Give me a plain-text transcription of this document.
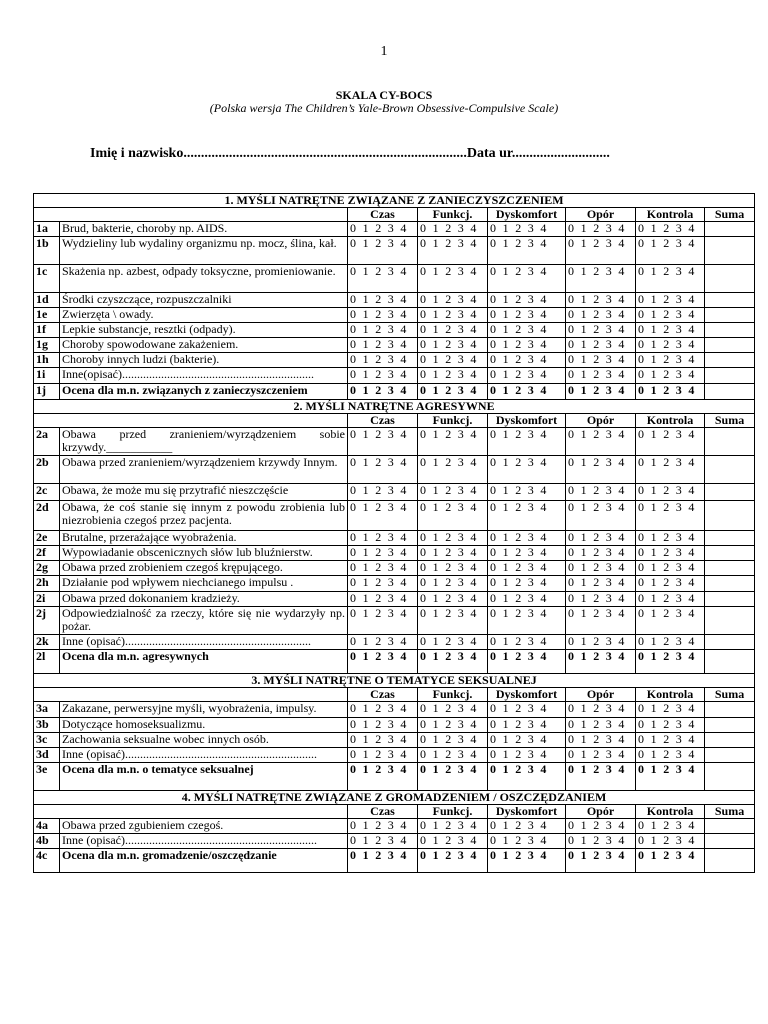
1
SKALA CY-BOCS
(Polska wersja The Children’s Yale-Brown Obsessive-Compulsive Scale)
Imię i nazwisko.................................................................................Data ur............................
1. MYŚLI NATRĘTNE ZWIĄZANE Z ZANIECZYSZCZENIEM							
		Czas	Funkcj.	Dyskomfort	Opór	Kontrola	Suma
1a	Brud, bakterie, choroby np. AIDS.	0 1 2 3 4	0 1 2 3 4	0 1 2 3 4	0 1 2 3 4	0 1 2 3 4	
1b	Wydzieliny lub wydaliny organizmu np. mocz, ślina, kał.	0 1 2 3 4	0 1 2 3 4	0 1 2 3 4	0 1 2 3 4	0 1 2 3 4	
1c	Skażenia np. azbest, odpady toksyczne, promieniowanie.	0 1 2 3 4	0 1 2 3 4	0 1 2 3 4	0 1 2 3 4	0 1 2 3 4	
1d	Środki czyszczące, rozpuszczalniki	0 1 2 3 4	0 1 2 3 4	0 1 2 3 4	0 1 2 3 4	0 1 2 3 4	
1e	Zwierzęta \ owady.	0 1 2 3 4	0 1 2 3 4	0 1 2 3 4	0 1 2 3 4	0 1 2 3 4	
1f	Lepkie substancje, resztki (odpady).	0 1 2 3 4	0 1 2 3 4	0 1 2 3 4	0 1 2 3 4	0 1 2 3 4	
1g	Choroby spowodowane zakażeniem.	0 1 2 3 4	0 1 2 3 4	0 1 2 3 4	0 1 2 3 4	0 1 2 3 4	
1h	Choroby innych ludzi (bakterie).	0 1 2 3 4	0 1 2 3 4	0 1 2 3 4	0 1 2 3 4	0 1 2 3 4	
1i	Inne(opisać)................................................................	0 1 2 3 4	0 1 2 3 4	0 1 2 3 4	0 1 2 3 4	0 1 2 3 4	
1j	Ocena dla m.n. związanych z zanieczyszczeniem	0 1 2 3 4	0 1 2 3 4	0 1 2 3 4	0 1 2 3 4	0 1 2 3 4	
2. MYŚLI NATRĘTNE AGRESYWNE							
		Czas	Funkcj.	Dyskomfort	Opór	Kontrola	Suma
2a	Obawa przed zranieniem/wyrządzeniem sobie krzywdy.___________	0 1 2 3 4	0 1 2 3 4	0 1 2 3 4	0 1 2 3 4	0 1 2 3 4	
2b	Obawa przed zranieniem/wyrządzeniem krzywdy Innym.	0 1 2 3 4	0 1 2 3 4	0 1 2 3 4	0 1 2 3 4	0 1 2 3 4	
2c	Obawa, że może mu się przytrafić nieszczęście	0 1 2 3 4	0 1 2 3 4	0 1 2 3 4	0 1 2 3 4	0 1 2 3 4	
2d	Obawa, że coś stanie się innym z powodu zrobienia lub niezrobienia czegoś przez pacjenta.	0 1 2 3 4	0 1 2 3 4	0 1 2 3 4	0 1 2 3 4	0 1 2 3 4	
2e	Brutalne, przerażające wyobrażenia.	0 1 2 3 4	0 1 2 3 4	0 1 2 3 4	0 1 2 3 4	0 1 2 3 4	
2f	Wypowiadanie obscenicznych słów lub bluźnierstw.	0 1 2 3 4	0 1 2 3 4	0 1 2 3 4	0 1 2 3 4	0 1 2 3 4	
2g	Obawa przed zrobieniem czegoś krępującego.	0 1 2 3 4	0 1 2 3 4	0 1 2 3 4	0 1 2 3 4	0 1 2 3 4	
2h	Działanie pod wpływem niechcianego impulsu .	0 1 2 3 4	0 1 2 3 4	0 1 2 3 4	0 1 2 3 4	0 1 2 3 4	
2i	Obawa przed dokonaniem kradzieży.	0 1 2 3 4	0 1 2 3 4	0 1 2 3 4	0 1 2 3 4	0 1 2 3 4	
2j	Odpowiedzialność za rzeczy, które się nie wydarzyły np. pożar.	0 1 2 3 4	0 1 2 3 4	0 1 2 3 4	0 1 2 3 4	0 1 2 3 4	
2k	Inne (opisać)..............................................................	0 1 2 3 4	0 1 2 3 4	0 1 2 3 4	0 1 2 3 4	0 1 2 3 4	
2l	Ocena dla m.n. agresywnych	0 1 2 3 4	0 1 2 3 4	0 1 2 3 4	0 1 2 3 4	0 1 2 3 4	
3. MYŚLI NATRĘTNE O TEMATYCE SEKSUALNEJ							
		Czas	Funkcj.	Dyskomfort	Opór	Kontrola	Suma
3a	Zakazane, perwersyjne myśli, wyobrażenia, impulsy.	0 1 2 3 4	0 1 2 3 4	0 1 2 3 4	0 1 2 3 4	0 1 2 3 4	
3b	Dotyczące homoseksualizmu.	0 1 2 3 4	0 1 2 3 4	0 1 2 3 4	0 1 2 3 4	0 1 2 3 4	
3c	Zachowania seksualne wobec innych osób.	0 1 2 3 4	0 1 2 3 4	0 1 2 3 4	0 1 2 3 4	0 1 2 3 4	
3d	Inne (opisać)................................................................	0 1 2 3 4	0 1 2 3 4	0 1 2 3 4	0 1 2 3 4	0 1 2 3 4	
3e	Ocena dla m.n. o tematyce seksualnej	0 1 2 3 4	0 1 2 3 4	0 1 2 3 4	0 1 2 3 4	0 1 2 3 4	
4. MYŚLI NATRĘTNE ZWIĄZANE Z GROMADZENIEM / OSZCZĘDZANIEM							
		Czas	Funkcj.	Dyskomfort	Opór	Kontrola	Suma
4a	Obawa przed zgubieniem czegoś.	0 1 2 3 4	0 1 2 3 4	0 1 2 3 4	0 1 2 3 4	0 1 2 3 4	
4b	Inne (opisać)................................................................	0 1 2 3 4	0 1 2 3 4	0 1 2 3 4	0 1 2 3 4	0 1 2 3 4	
4c	Ocena dla m.n. gromadzenie/oszczędzanie	0 1 2 3 4	0 1 2 3 4	0 1 2 3 4	0 1 2 3 4	0 1 2 3 4	
